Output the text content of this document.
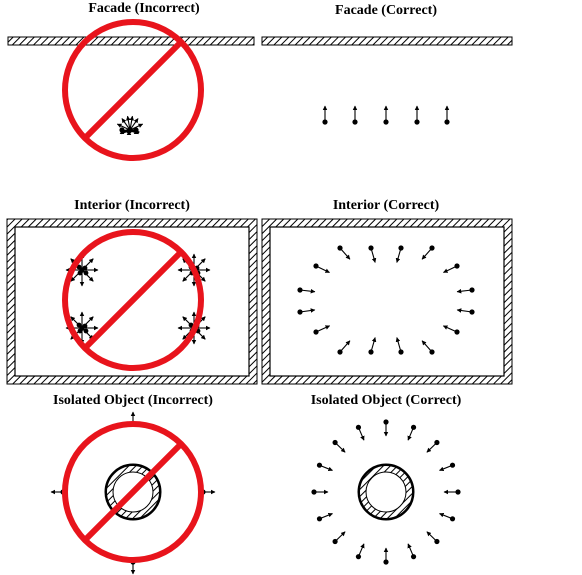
Facade (Incorrect)	Facade (Correct)
Interior (Incorrect)	Interior (Correct)
Isolated Object (Incorrect)	Isolated Object (Correct)
